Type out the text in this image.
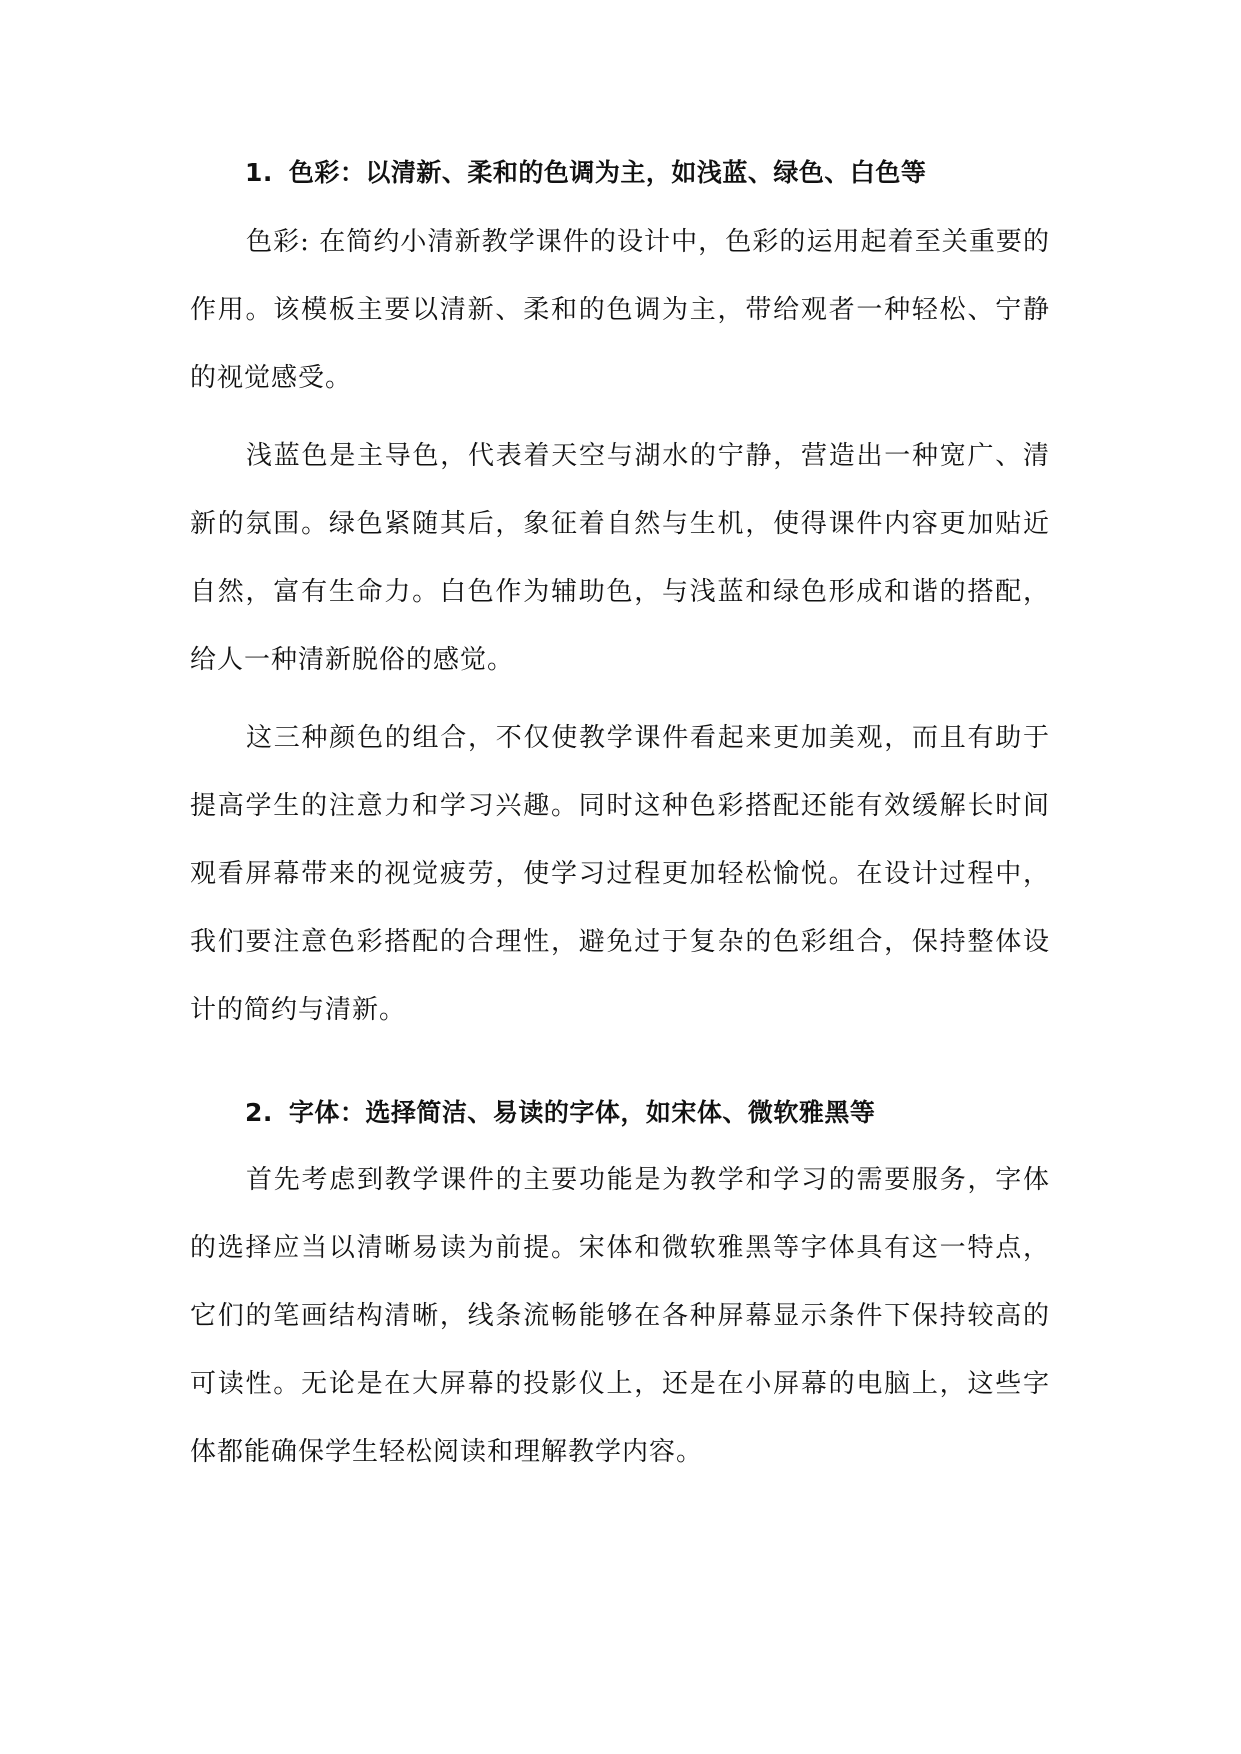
1. 色彩：以清新、柔和的色调为主，如浅蓝、绿色、白色等

色彩: 在简约小清新教学课件的设计中，色彩的运用起着至关重要的作用。该模板主要以清新、柔和的色调为主，带给观者一种轻松、宁静的视觉感受。

浅蓝色是主导色，代表着天空与湖水的宁静，营造出一种宽广、清新的氛围。绿色紧随其后，象征着自然与生机，使得课件内容更加贴近自然，富有生命力。白色作为辅助色，与浅蓝和绿色形成和谐的搭配，给人一种清新脱俗的感觉。

这三种颜色的组合，不仅使教学课件看起来更加美观，而且有助于提高学生的注意力和学习兴趣。同时这种色彩搭配还能有效缓解长时间观看屏幕带来的视觉疲劳，使学习过程更加轻松愉悦。在设计过程中，我们要注意色彩搭配的合理性，避免过于复杂的色彩组合，保持整体设计的简约与清新。

2. 字体：选择简洁、易读的字体，如宋体、微软雅黑等

首先考虑到教学课件的主要功能是为教学和学习的需要服务，字体的选择应当以清晰易读为前提。宋体和微软雅黑等字体具有这一特点，它们的笔画结构清晰，线条流畅能够在各种屏幕显示条件下保持较高的可读性。无论是在大屏幕的投影仪上，还是在小屏幕的电脑上，这些字体都能确保学生轻松阅读和理解教学内容。
